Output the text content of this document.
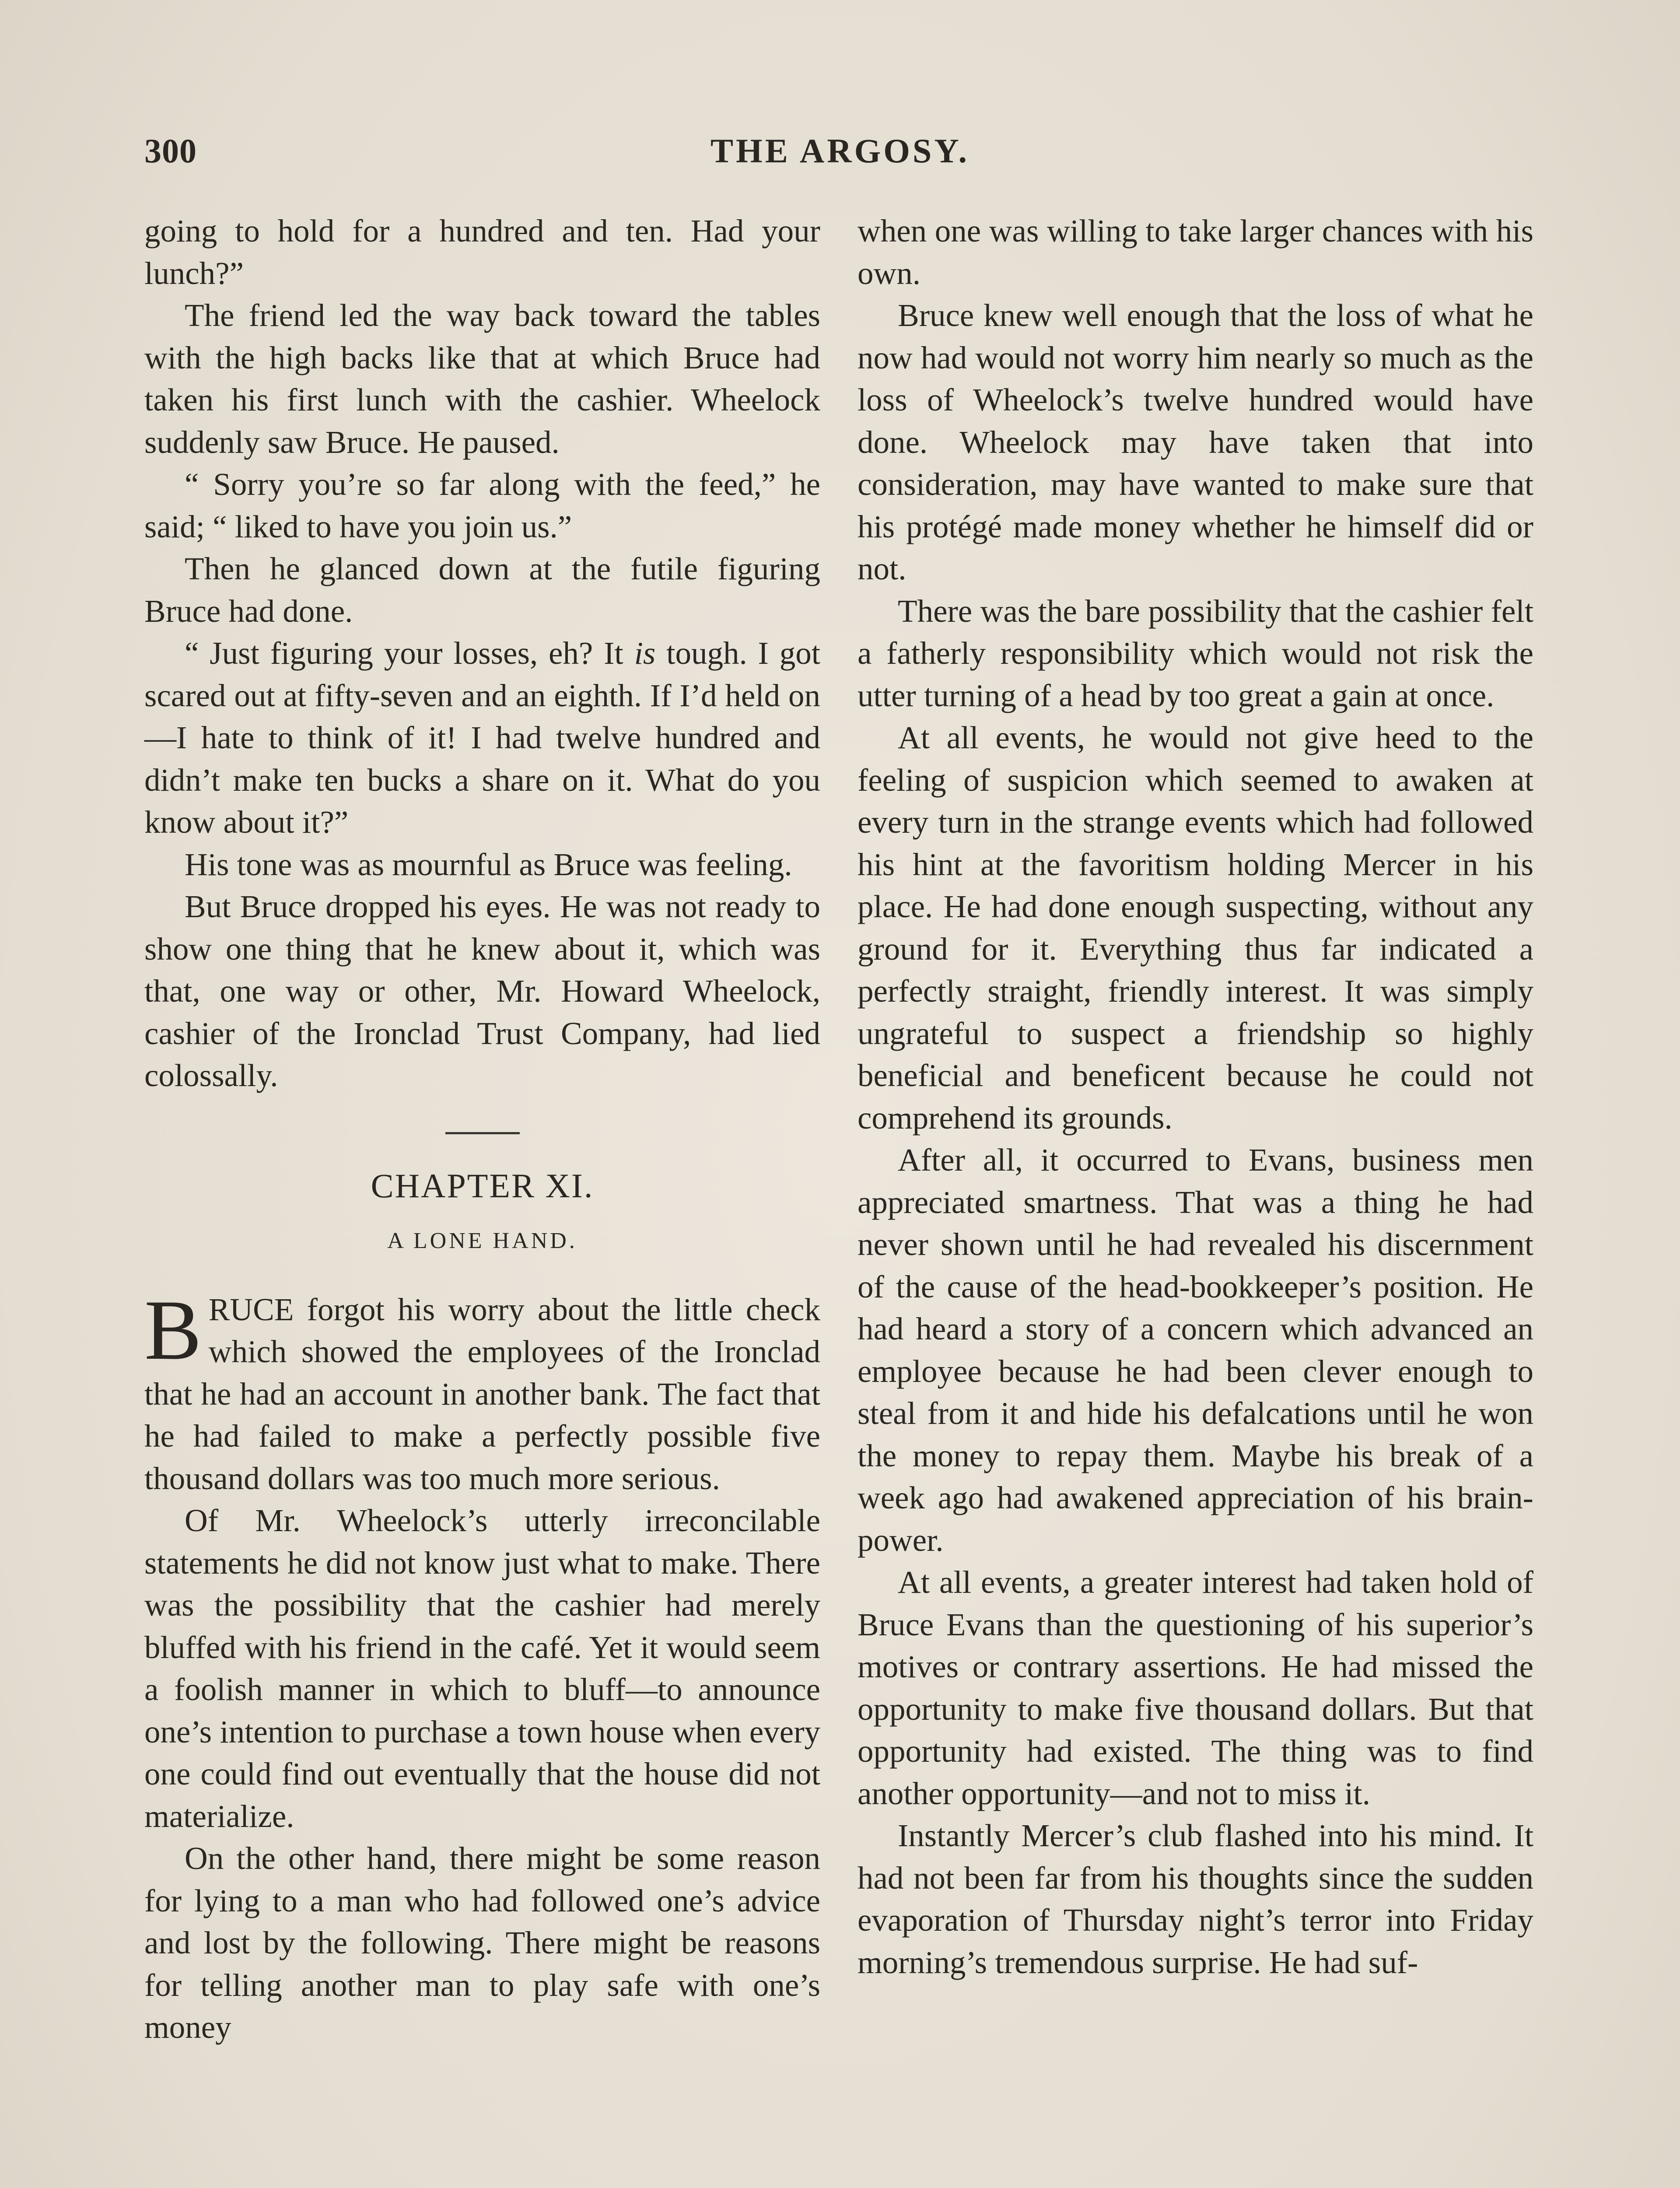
300	THE ARGOSY.

going to hold for a hundred and ten. Had your lunch?”

The friend led the way back toward the tables with the high backs like that at which Bruce had taken his first lunch with the cashier. Wheelock suddenly saw Bruce. He paused.

“ Sorry you’re so far along with the feed,” he said; “ liked to have you join us.”

Then he glanced down at the futile figuring Bruce had done.

“ Just figuring your losses, eh? It is tough. I got scared out at fifty-seven and an eighth. If I’d held on—I hate to think of it! I had twelve hundred and didn’t make ten bucks a share on it. What do you know about it?”

His tone was as mournful as Bruce was feeling.

But Bruce dropped his eyes. He was not ready to show one thing that he knew about it, which was that, one way or other, Mr. Howard Wheelock, cashier of the Ironclad Trust Company, had lied colossally.

CHAPTER XI.
A LONE HAND.

BRUCE forgot his worry about the little check which showed the employees of the Ironclad that he had an account in another bank. The fact that he had failed to make a perfectly possible five thousand dollars was too much more serious.

Of Mr. Wheelock’s utterly irreconcilable statements he did not know just what to make. There was the possibility that the cashier had merely bluffed with his friend in the café. Yet it would seem a foolish manner in which to bluff—to announce one’s intention to purchase a town house when every one could find out eventually that the house did not materialize.

On the other hand, there might be some reason for lying to a man who had followed one’s advice and lost by the following. There might be reasons for telling another man to play safe with one’s money

when one was willing to take larger chances with his own.

Bruce knew well enough that the loss of what he now had would not worry him nearly so much as the loss of Wheelock’s twelve hundred would have done. Wheelock may have taken that into consideration, may have wanted to make sure that his protégé made money whether he himself did or not.

There was the bare possibility that the cashier felt a fatherly responsibility which would not risk the utter turning of a head by too great a gain at once.

At all events, he would not give heed to the feeling of suspicion which seemed to awaken at every turn in the strange events which had followed his hint at the favoritism holding Mercer in his place. He had done enough suspecting, without any ground for it. Everything thus far indicated a perfectly straight, friendly interest. It was simply ungrateful to suspect a friendship so highly beneficial and beneficent because he could not comprehend its grounds.

After all, it occurred to Evans, business men appreciated smartness. That was a thing he had never shown until he had revealed his discernment of the cause of the head-bookkeeper’s position. He had heard a story of a concern which advanced an employee because he had been clever enough to steal from it and hide his defalcations until he won the money to repay them. Maybe his break of a week ago had awakened appreciation of his brain-power.

At all events, a greater interest had taken hold of Bruce Evans than the questioning of his superior’s motives or contrary assertions. He had missed the opportunity to make five thousand dollars. But that opportunity had existed. The thing was to find another opportunity—and not to miss it.

Instantly Mercer’s club flashed into his mind. It had not been far from his thoughts since the sudden evaporation of Thursday night’s terror into Friday morning’s tremendous surprise. He had suf-
